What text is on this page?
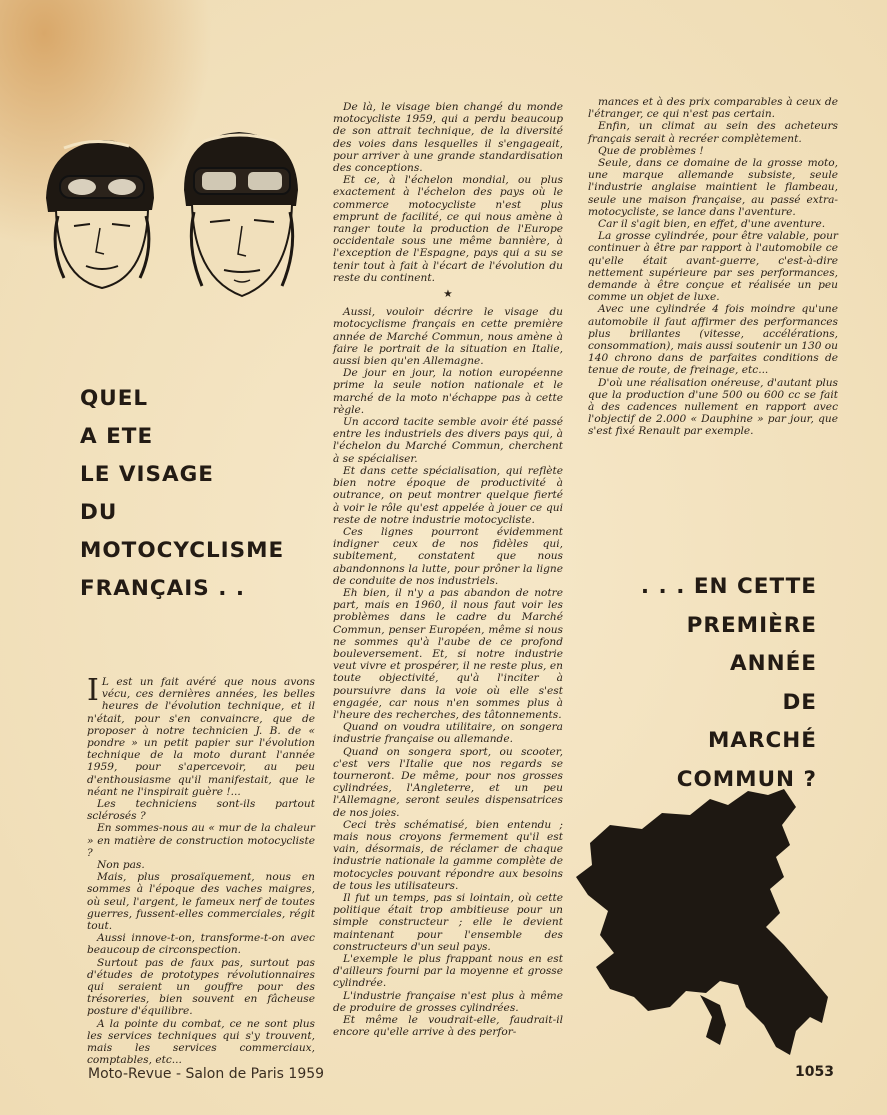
QUEL
A ETE
LE VISAGE
DU
MOTOCYCLISME
FRANÇAIS . .	. . . EN CETTE
PREMIÈRE
ANNÉE
DE
MARCHÉ
COMMUN ?
I L est un fait avéré que nous avons vécu, ces dernières années, les belles heures de l'évolution technique, et il n'était, pour s'en convaincre, que de proposer à notre technicien J. B. de « pondre » un petit papier sur l'évolution technique de la moto durant l'année 1959, pour s'apercevoir, au peu d'enthousiasme qu'il manifestait, que le néant ne l'inspirait guère !...

Les techniciens sont-ils partout sclérosés ?

En sommes-nous au « mur de la chaleur » en matière de construction motocycliste ?

Non pas.

Mais, plus prosaïquement, nous en sommes à l'époque des vaches maigres, où seul, l'argent, le fameux nerf de toutes guerres, fussent-elles commerciales, régit tout.

Aussi innove-t-on, transforme-t-on avec beaucoup de circonspection.

Surtout pas de faux pas, surtout pas d'études de prototypes révolutionnaires qui seraient un gouffre pour des trésoreries, bien souvent en fâcheuse posture d'équilibre.

A la pointe du combat, ce ne sont plus les services techniques qui s'y trouvent, mais les services commerciaux, comptables, etc...

De là, le visage bien changé du monde motocycliste 1959, qui a perdu beaucoup de son attrait technique, de la diversité des voies dans lesquelles il s'engageait, pour arriver à une grande standardisation des conceptions.

Et ce, à l'échelon mondial, ou plus exactement à l'échelon des pays où le commerce motocycliste n'est plus emprunt de facilité, ce qui nous amène à ranger toute la production de l'Europe occidentale sous une même bannière, à l'exception de l'Espagne, pays qui a su se tenir tout à fait à l'écart de l'évolution du reste du continent.

★

Aussi, vouloir décrire le visage du motocyclisme français en cette première année de Marché Commun, nous amène à faire le portrait de la situation en Italie, aussi bien qu'en Allemagne.

De jour en jour, la notion européenne prime la seule notion nationale et le marché de la moto n'échappe pas à cette règle.

Un accord tacite semble avoir été passé entre les industriels des divers pays qui, à l'échelon du Marché Commun, cherchent à se spécialiser.

Et dans cette spécialisation, qui reflète bien notre époque de productivité à outrance, on peut montrer quelque fierté à voir le rôle qu'est appelée à jouer ce qui reste de notre industrie motocycliste.

Ces lignes pourront évidemment indigner ceux de nos fidèles qui, subitement, constatent que nous abandonnons la lutte, pour prôner la ligne de conduite de nos industriels.

Eh bien, il n'y a pas abandon de notre part, mais en 1960, il nous faut voir les problèmes dans le cadre du Marché Commun, penser Européen, même si nous ne sommes qu'à l'aube de ce profond bouleversement. Et, si notre industrie veut vivre et prospérer, il ne reste plus, en toute objectivité, qu'à l'inciter à poursuivre dans la voie où elle s'est engagée, car nous n'en sommes plus à l'heure des recherches, des tâtonnements.

Quand on voudra utilitaire, on songera industrie française ou allemande.

Quand on songera sport, ou scooter, c'est vers l'Italie que nos regards se tourneront. De même, pour nos grosses cylindrées, l'Angleterre, et un peu l'Allemagne, seront seules dispensatrices de nos joies.

Ceci très schématisé, bien entendu ; mais nous croyons fermement qu'il est vain, désormais, de réclamer de chaque industrie nationale la gamme complète de motocycles pouvant répondre aux besoins de tous les utilisateurs.

Il fut un temps, pas si lointain, où cette politique était trop ambitieuse pour un simple constructeur ; elle le devient maintenant pour l'ensemble des constructeurs d'un seul pays.

L'exemple le plus frappant nous en est d'ailleurs fourni par la moyenne et grosse cylindrée.

L'industrie française n'est plus à même de produire de grosses cylindrées.

Et même le voudrait-elle, faudrait-il encore qu'elle arrive à des perfor-

mances et à des prix comparables à ceux de l'étranger, ce qui n'est pas certain.

Enfin, un climat au sein des acheteurs français serait à recréer complètement.

Que de problèmes !

Seule, dans ce domaine de la grosse moto, une marque allemande subsiste, seule l'industrie anglaise maintient le flambeau, seule une maison française, au passé extra-motocycliste, se lance dans l'aventure.

Car il s'agit bien, en effet, d'une aventure.

La grosse cylindrée, pour être valable, pour continuer à être par rapport à l'automobile ce qu'elle était avant-guerre, c'est-à-dire nettement supérieure par ses performances, demande à être conçue et réalisée un peu comme un objet de luxe.

Avec une cylindrée 4 fois moindre qu'une automobile il faut affirmer des performances plus brillantes (vitesse, accélérations, consommation), mais aussi soutenir un 130 ou 140 chrono dans de parfaites conditions de tenue de route, de freinage, etc...

D'où une réalisation onéreuse, d'autant plus que la production d'une 500 ou 600 cc se fait à des cadences nullement en rapport avec l'objectif de 2.000 « Dauphine » par jour, que s'est fixé Renault par exemple.

Moto-Revue - Salon de Paris 1959	1053
